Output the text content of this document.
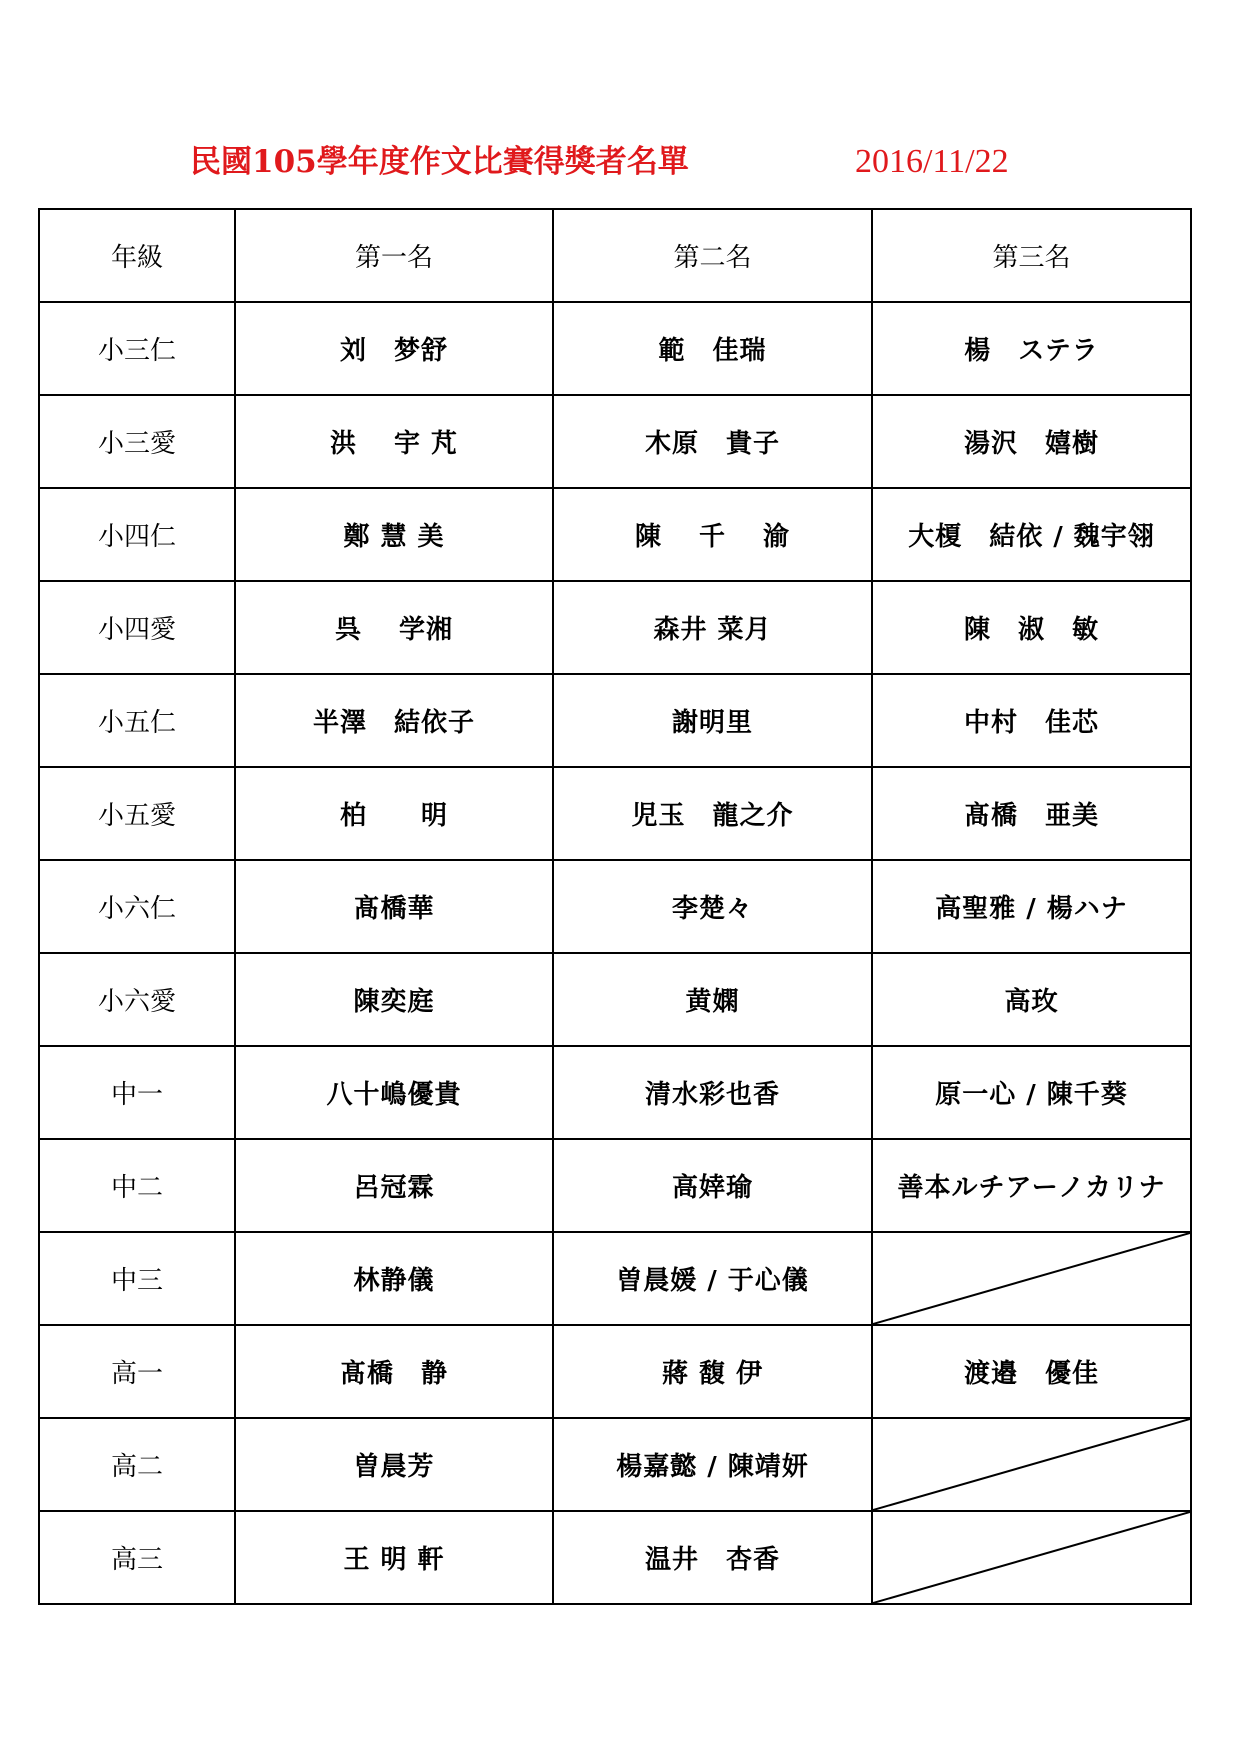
民國105學年度作文比賽得獎者名單	2016/11/22
年級	第一名	第二名	第三名
小三仁	刘　梦舒	範　佳瑞	楊　ステラ
小三愛	洪　 宇 芃	木原　貴子	湯沢　嬉樹
小四仁	鄭 慧 美	陳　 千　 渝	大榎　結依 / 魏宇翎
小四愛	呉　 学湘	森井 菜月	陳　淑　敏
小五仁	半澤　結依子	謝明里	中村　佳芯
小五愛	柏　　明	児玉　龍之介	髙橋　亜美
小六仁	髙橋華	李楚々	高聖雅 / 楊ハナ
小六愛	陳奕庭	黄嫻	高玫
中一	八十嶋優貴	清水彩也香	原一心 / 陳千葵
中二	呂冠霖	高婞瑜	善本ルチアーノカリナ
中三	林静儀	曽晨媛 / 于心儀	

高一	髙橋　静	蔣 馥 伊	渡邉　優佳
高二	曽晨芳	楊嘉懿 / 陳靖妍	

高三	王 明 軒	温井　杏香	
